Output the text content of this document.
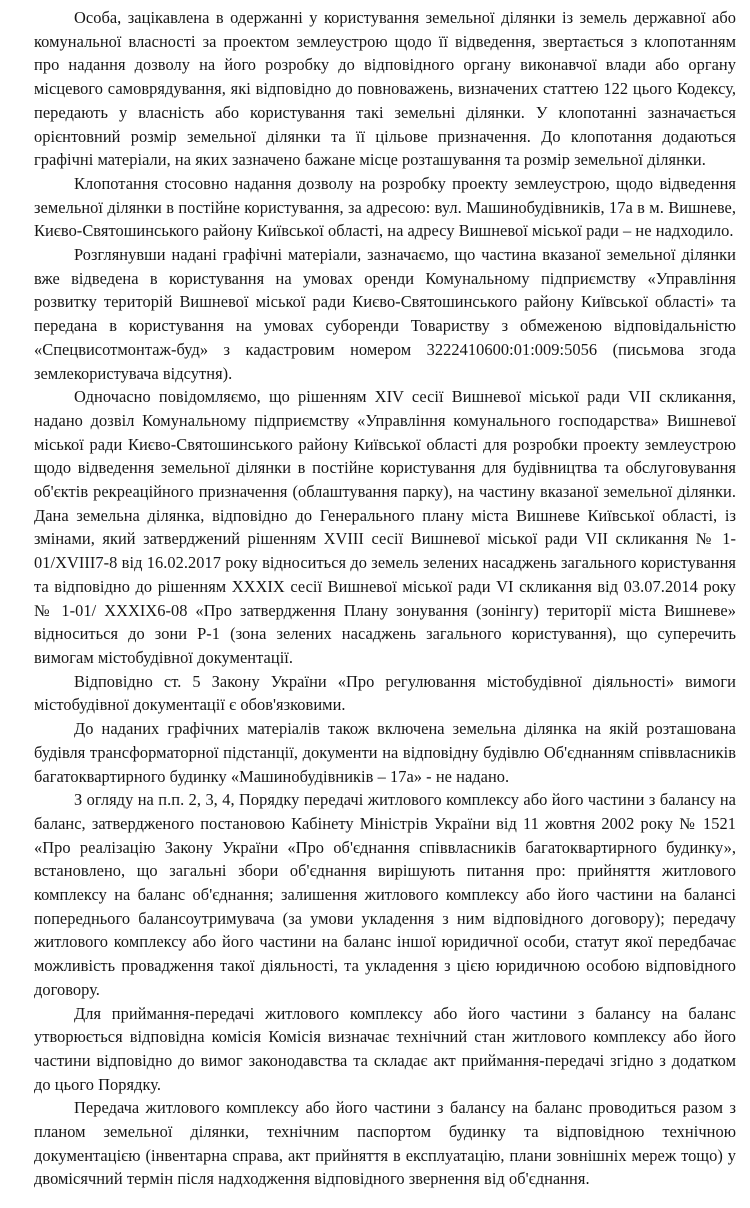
Особа, зацікавлена в одержанні у користування земельної ділянки із земель державної або комунальної власності за проектом землеустрою щодо її відведення, звертається з клопотанням про надання дозволу на його розробку до відповідного органу виконавчої влади або органу місцевого самоврядування, які відповідно до повноважень, визначених статтею 122 цього Кодексу, передають у власність або користування такі земельні ділянки. У клопотанні зазначається орієнтовний розмір земельної ділянки та її цільове призначення. До клопотання додаються графічні матеріали, на яких зазначено бажане місце розташування та розмір земельної ділянки.

Клопотання стосовно надання дозволу на розробку проекту землеустрою, щодо відведення земельної ділянки в постійне користування, за адресою: вул. Машинобудівників, 17а в м. Вишневе, Києво-Святошинського району Київської області, на адресу Вишневої міської ради – не надходило.

Розглянувши надані графічні матеріали, зазначаємо, що частина вказаної земельної ділянки вже відведена в користування на умовах оренди Комунальному підприємству «Управління розвитку територій Вишневої міської ради Києво-Святошинського району Київської області» та передана в користування на умовах суборенди Товариству з обмеженою відповідальністю «Спецвисотмонтаж-буд» з кадастровим номером 3222410600:01:009:5056 (письмова згода землекористувача відсутня).

Одночасно повідомляємо, що рішенням XIV сесії Вишневої міської ради VII скликання, надано дозвіл Комунальному підприємству «Управління комунального господарства» Вишневої міської ради Києво-Святошинського району Київської області для розробки проекту землеустрою щодо відведення земельної ділянки в постійне користування для будівництва та обслуговування об'єктів рекреаційного призначення (облаштування парку), на частину вказаної земельної ділянки. Дана земельна ділянка, відповідно до Генерального плану міста Вишневе Київської області, із змінами, який затверджений рішенням XVIII сесії Вишневої міської ради VII скликання № 1-01/XVIII7-8 від 16.02.2017 року відноситься до земель зелених насаджень загального користування та відповідно до рішенням XXXIX сесії Вишневої міської ради VI скликання від 03.07.2014 року № 1-01/ XXXIX6-08 «Про затвердження Плану зонування (зонінгу) території міста Вишневе» відноситься до зони Р-1 (зона зелених насаджень загального користування), що суперечить вимогам містобудівної документації.

Відповідно ст. 5 Закону України «Про регулювання містобудівної діяльності» вимоги містобудівної документації є обов'язковими.

До наданих графічних матеріалів також включена земельна ділянка на якій розташована будівля трансформаторної підстанції, документи на відповідну будівлю Об'єднанням співвласників багатоквартирного будинку «Машинобудівників – 17а» - не надано.

З огляду на п.п. 2, 3, 4, Порядку передачі житлового комплексу або його частини з балансу на баланс, затвердженого постановою Кабінету Міністрів України від 11 жовтня 2002 року № 1521 «Про реалізацію Закону України «Про об'єднання співвласників багатоквартирного будинку», встановлено, що загальні збори об'єднання вирішують питання про: прийняття житлового комплексу на баланс об'єднання; залишення житлового комплексу або його частини на балансі попереднього балансоутримувача (за умови укладення з ним відповідного договору); передачу житлового комплексу або його частини на баланс іншої юридичної особи, статут якої передбачає можливість провадження такої діяльності, та укладення з цією юридичною особою відповідного договору.

Для приймання-передачі житлового комплексу або його частини з балансу на баланс утворюється відповідна комісія Комісія визначає технічний стан житлового комплексу або його частини відповідно до вимог законодавства та складає акт приймання-передачі згідно з додатком до цього Порядку.

Передача житлового комплексу або його частини з балансу на баланс проводиться разом з планом земельної ділянки, технічним паспортом будинку та відповідною технічною документацією (інвентарна справа, акт прийняття в експлуатацію, плани зовнішніх мереж тощо) у двомісячний термін після надходження відповідного звернення від об'єднання.
